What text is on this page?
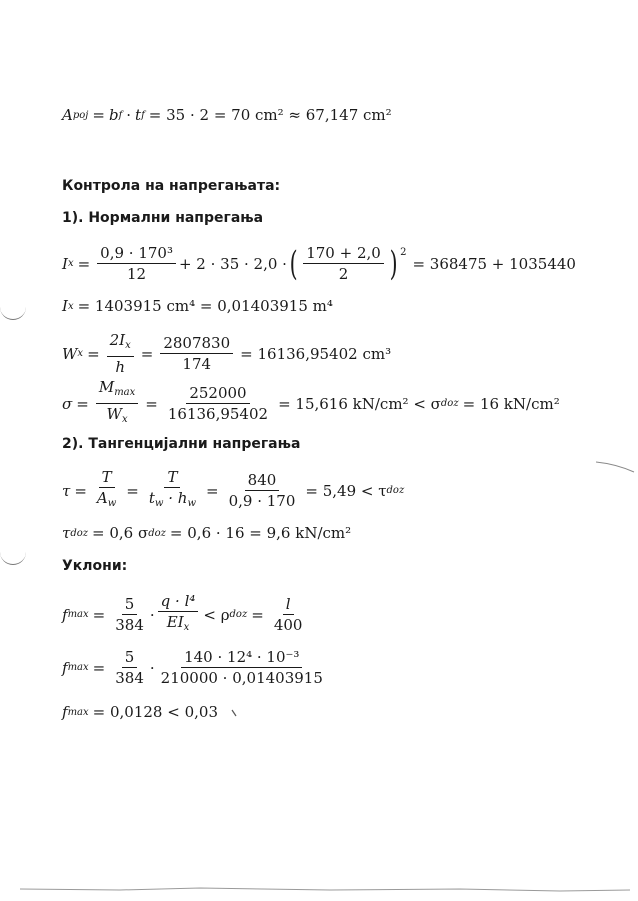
A poj = b f · t f = 35 · 2 = 70 cm² ≈ 67,147 cm²
Контрола на напрегањата:
1). Нормални напрегања
I $x = \frac{\text{0,9 · 170³}}{12} + 2 \cdot 35 \cdot 2,0$ · ( $\frac{170 + 2,0}{2}$ ) $^2$
= 368475 + 1035440
I x = 1403915 cm⁴ = 0,01403915 m⁴
W $x = \frac{2I_x}{h} = \frac{2807830}{174} = 16136,95402$ cm³
$\sigma = \frac{M_{max}}{W_x} = \frac{252000}{16136,95402} = 15,616$ kN/cm² < σ doz = 16 kN/cm²
2). Тангенцијални напрегања
$\tau = \frac{T}{A_w} = \frac{T}{t_w \cdot h_w} = \frac{840}{0,9 \cdot 170} = 5,49 < \tau$ doz
τ doz = 0,6 σ doz = 0,6 · 16 = 9,6 kN/cm²
Уклони:
f $\max = \frac{5}{384} \cdot \frac{\text{q · l⁴}}{EI_x} < \rho$ doz = $\frac{l}{400}$
f $\max = \frac{5}{384} \cdot \frac{\text{140 · 12⁴ · 10⁻³}}{210000 \cdot 0,01403915}$
f max = 0,0128 < 0,03
